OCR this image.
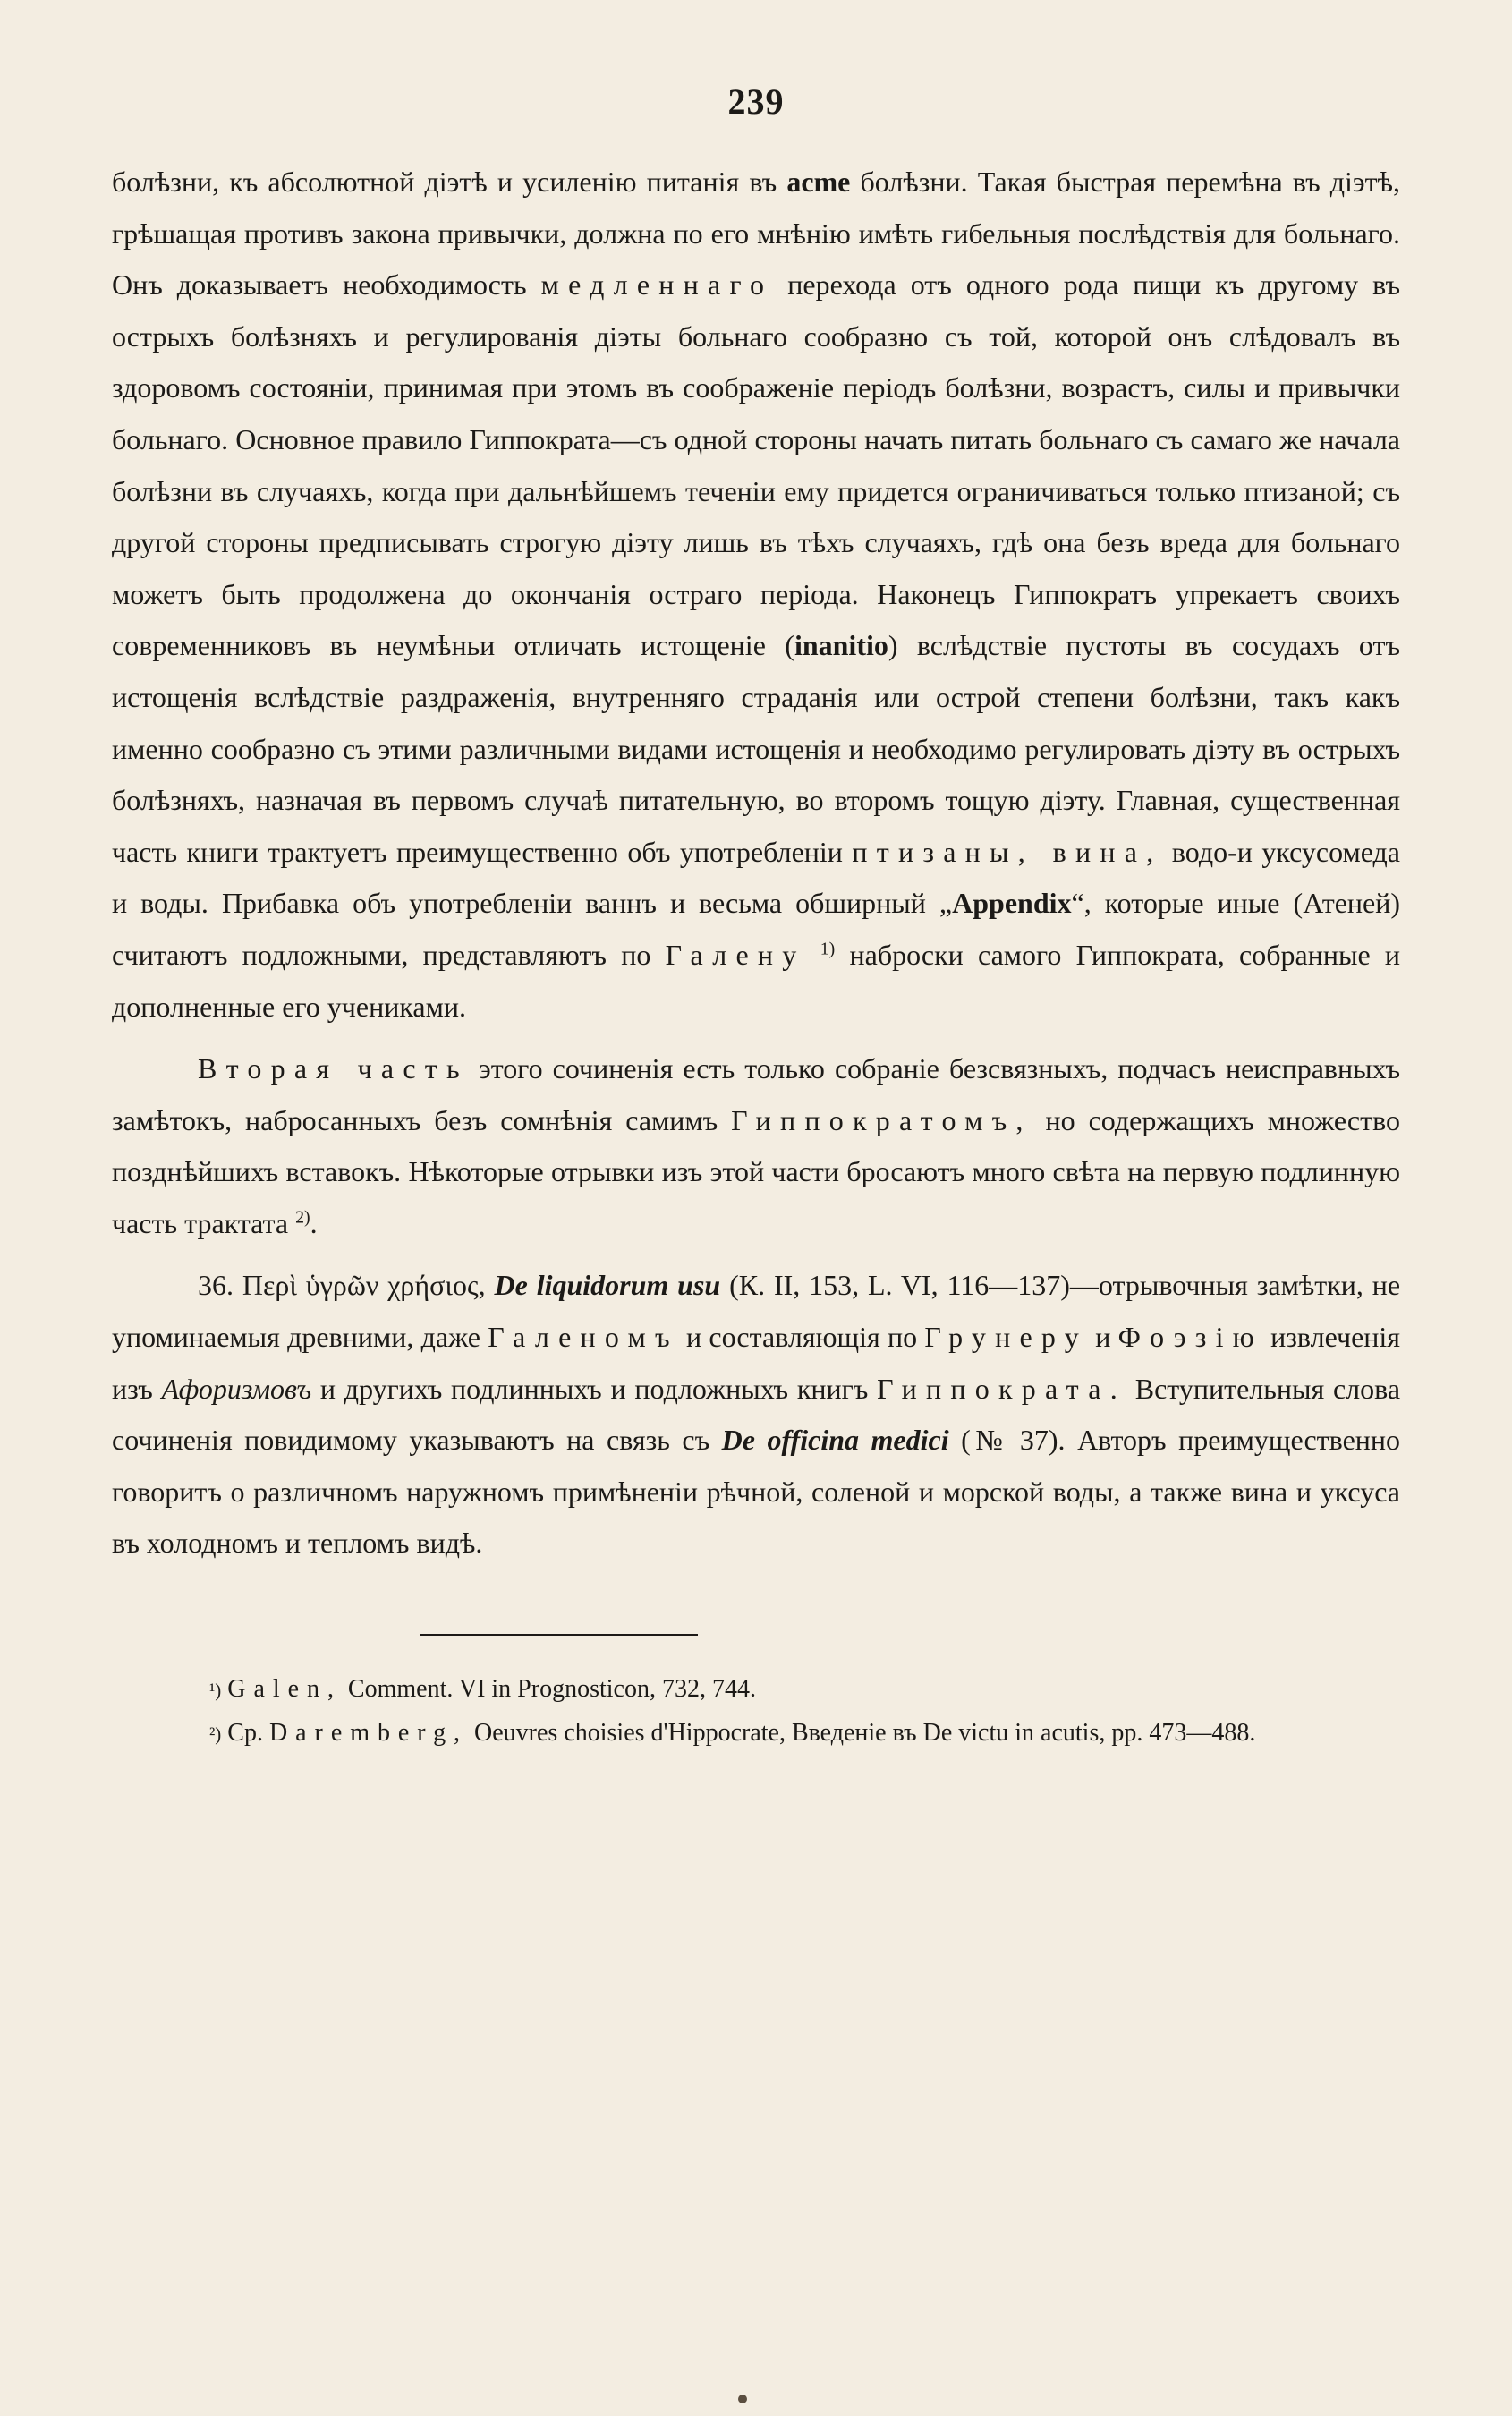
239

болѣзни, къ абсолютной діэтѣ и усиленію питанія въ acme болѣзни. Такая быстрая перемѣна въ діэтѣ, грѣшащая противъ закона привычки, должна по его мнѣнію имѣть гибельныя послѣдствія для больнаго. Онъ доказываетъ необходимость медленнаго перехода отъ одного рода пищи къ другому въ острыхъ болѣзняхъ и регулированія діэты больнаго сообразно съ той, которой онъ слѣдовалъ въ здоровомъ состояніи, принимая при этомъ въ соображеніе періодъ болѣзни, возрастъ, силы и привычки больнаго. Основное правило Гиппократа—съ одной стороны начать питать больнаго съ самаго же начала болѣзни въ случаяхъ, когда при дальнѣйшемъ теченіи ему придется ограничиваться только птизаной; съ другой стороны предписывать строгую діэту лишь въ тѣхъ случаяхъ, гдѣ она безъ вреда для больнаго можетъ быть продолжена до окончанія остраго періода. Наконецъ Гиппократъ упрекаетъ своихъ современниковъ въ неумѣньи отличать истощеніе (inanitio) вслѣдствіе пустоты въ сосудахъ отъ истощенія вслѣдствіе раздраженія, внутренняго страданія или острой степени болѣзни, такъ какъ именно сообразно съ этими различными видами истощенія и необходимо регулировать діэту въ острыхъ болѣзняхъ, назначая въ первомъ случаѣ питательную, во второмъ тощую діэту. Главная, существенная часть книги трактуетъ преимущественно объ употребленіи птизаны, вина, водо-и уксусомеда и воды. Прибавка объ употребленіи ваннъ и весьма обширный „Appendix“, которые иные (Атеней) считаютъ подложными, представляютъ по Галену $^{1)}$ наброски самого Гиппократа, собранные и дополненные его учениками.

Вторая часть этого сочиненія есть только собраніе безсвязныхъ, подчасъ неисправныхъ замѣтокъ, набросанныхъ безъ сомнѣнія самимъ Гиппократомъ, но содержащихъ множество позднѣйшихъ вставокъ. Нѣкоторые отрывки изъ этой части бросаютъ много свѣта на первую подлинную часть трактата $^{2)}$.

36. Περὶ ὑγρῶν χρήσιος, De liquidorum usu (К. II, 153, L. VI, 116—137)—отрывочныя замѣтки, не упоминаемыя древними, даже Галеномъ и составляющія по Грунеру и Фоэзію извлеченія изъ Афоризмовъ и другихъ подлинныхъ и подложныхъ книгъ Гиппократа. Вступительныя слова сочиненія повидимому указываютъ на связь съ De officina medici (№ 37). Авторъ преимущественно говоритъ о различномъ наружномъ примѣненіи рѣчной, соленой и морской воды, а также вина и уксуса въ холодномъ и тепломъ видѣ.

¹) Galen, Comment. VI in Prognosticon, 732, 744.

²) Cp. Daremberg, Oeuvres choisies d'Hippocrate, Введеніе въ De victu in acutis, pp. 473—488.
